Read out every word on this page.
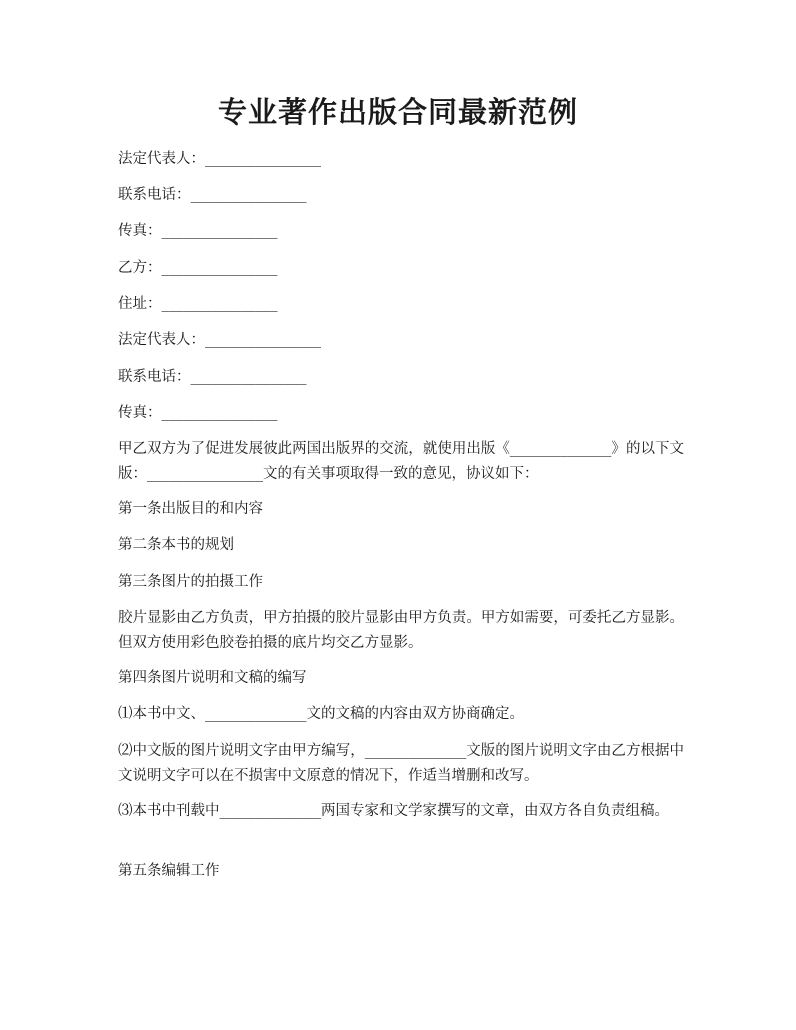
专业著作出版合同最新范例

法定代表人：________________

联系电话：________________

传真：________________

乙方：________________

住址：________________

法定代表人：________________

联系电话：________________

传真：________________

甲乙双方为了促进发展彼此两国出版界的交流，就使用出版《______________》的以下文版：________________文的有关事项取得一致的意见，协议如下：

第一条出版目的和内容

第二条本书的规划

第三条图片的拍摄工作

胶片显影由乙方负责，甲方拍摄的胶片显影由甲方负责。甲方如需要，可委托乙方显影。但双方使用彩色胶卷拍摄的底片均交乙方显影。

第四条图片说明和文稿的编写

⑴本书中文、______________文的文稿的内容由双方协商确定。

⑵中文版的图片说明文字由甲方编写，______________文版的图片说明文字由乙方根据中文说明文字可以在不损害中文原意的情况下，作适当增删和改写。

⑶本书中刊载中______________两国专家和文学家撰写的文章，由双方各自负责组稿。

第五条编辑工作
